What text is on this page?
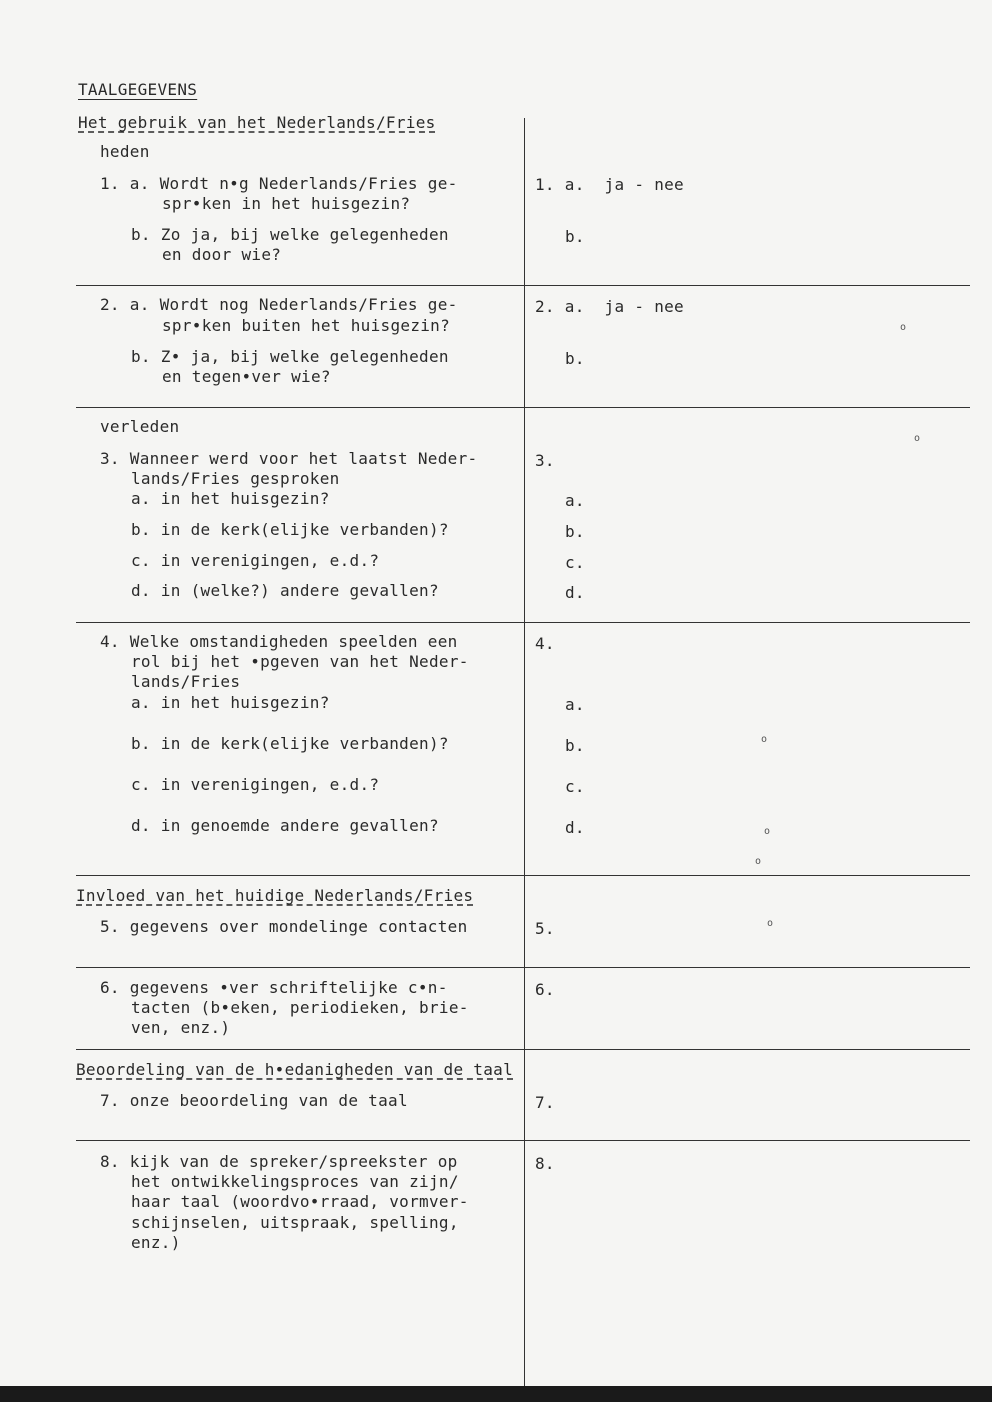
TAALGEGEVENS
Het gebruik van het Nederlands/Fries
heden
1. a. Wordt n•g Nederlands/Fries ge-
spr•ken in het huisgezin?
b. Zo ja, bij welke gelegenheden
en door wie?
1. a.  ja - nee
b.
2. a. Wordt nog Nederlands/Fries ge-
spr•ken buiten het huisgezin?
b. Z• ja, bij welke gelegenheden
en tegen•ver wie?
2. a.  ja - nee
b.
verleden
3. Wanneer werd voor het laatst Neder-
lands/Fries gesproken
a. in het huisgezin?
b. in de kerk(elijke verbanden)?
c. in verenigingen, e.d.?
d. in (welke?) andere gevallen?
3.
a.
b.
c.
d.
4. Welke omstandigheden speelden een
rol bij het •pgeven van het Neder-
lands/Fries
a. in het huisgezin?
b. in de kerk(elijke verbanden)?
c. in verenigingen, e.d.?
d. in genoemde andere gevallen?
4.
a.
b.
c.
d.
Invloed van het huidige Nederlands/Fries
5. gegevens over mondelinge contacten	5.
6. gegevens •ver schriftelijke c•n-
tacten (b•eken, periodieken, brie-
ven, enz.)
6.
Beoordeling van de h•edanigheden van de taal
7. onze beoordeling van de taal	7.
8. kijk van de spreker/spreekster op
het ontwikkelingsproces van zijn/
haar taal (woordvo•rraad, vormver-
schijnselen, uitspraak, spelling,
enz.)
8.
o
o
o
o
o
o
